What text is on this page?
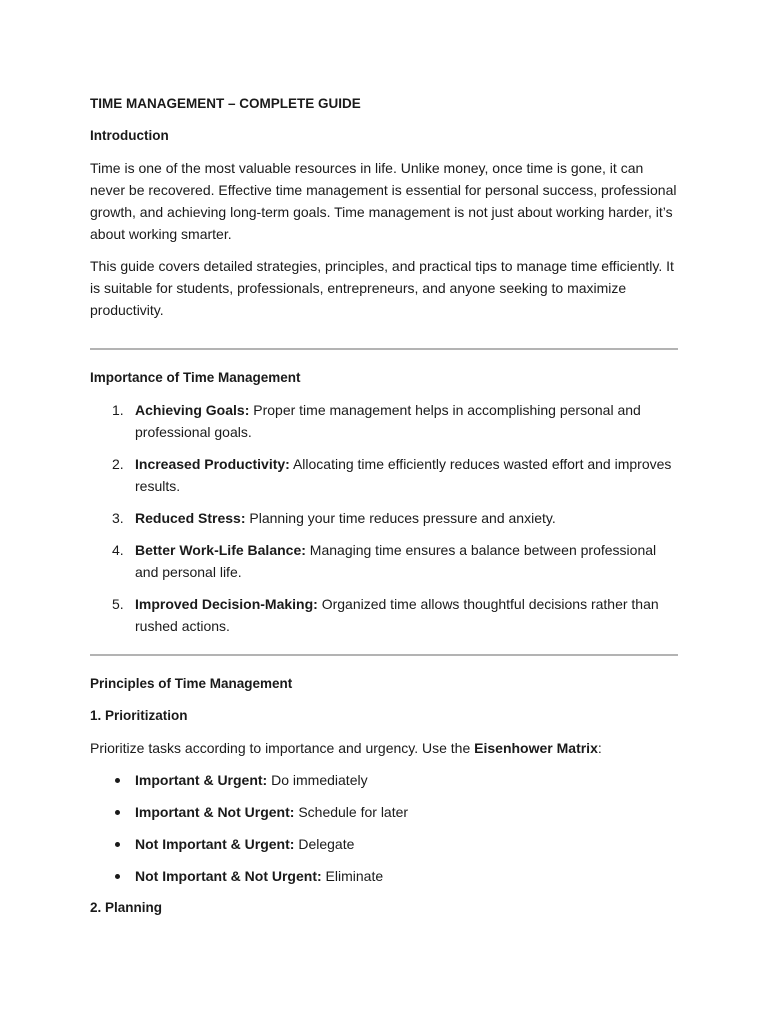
TIME MANAGEMENT – COMPLETE GUIDE
Introduction

Time is one of the most valuable resources in life. Unlike money, once time is gone, it can never be recovered. Effective time management is essential for personal success, professional growth, and achieving long-term goals. Time management is not just about working harder, it’s about working smarter.

This guide covers detailed strategies, principles, and practical tips to manage time efficiently. It is suitable for students, professionals, entrepreneurs, and anyone seeking to maximize productivity.

Importance of Time Management
1. Achieving Goals: Proper time management helps in accomplishing personal and professional goals.
2. Increased Productivity: Allocating time efficiently reduces wasted effort and improves results.
3. Reduced Stress: Planning your time reduces pressure and anxiety.
4. Better Work-Life Balance: Managing time ensures a balance between professional and personal life.
5. Improved Decision-Making: Organized time allows thoughtful decisions rather than rushed actions.
Principles of Time Management
1. Prioritization

Prioritize tasks according to importance and urgency. Use the Eisenhower Matrix:

Important & Urgent: Do immediately
Important & Not Urgent: Schedule for later
Not Important & Urgent: Delegate
Not Important & Not Urgent: Eliminate
2. Planning
